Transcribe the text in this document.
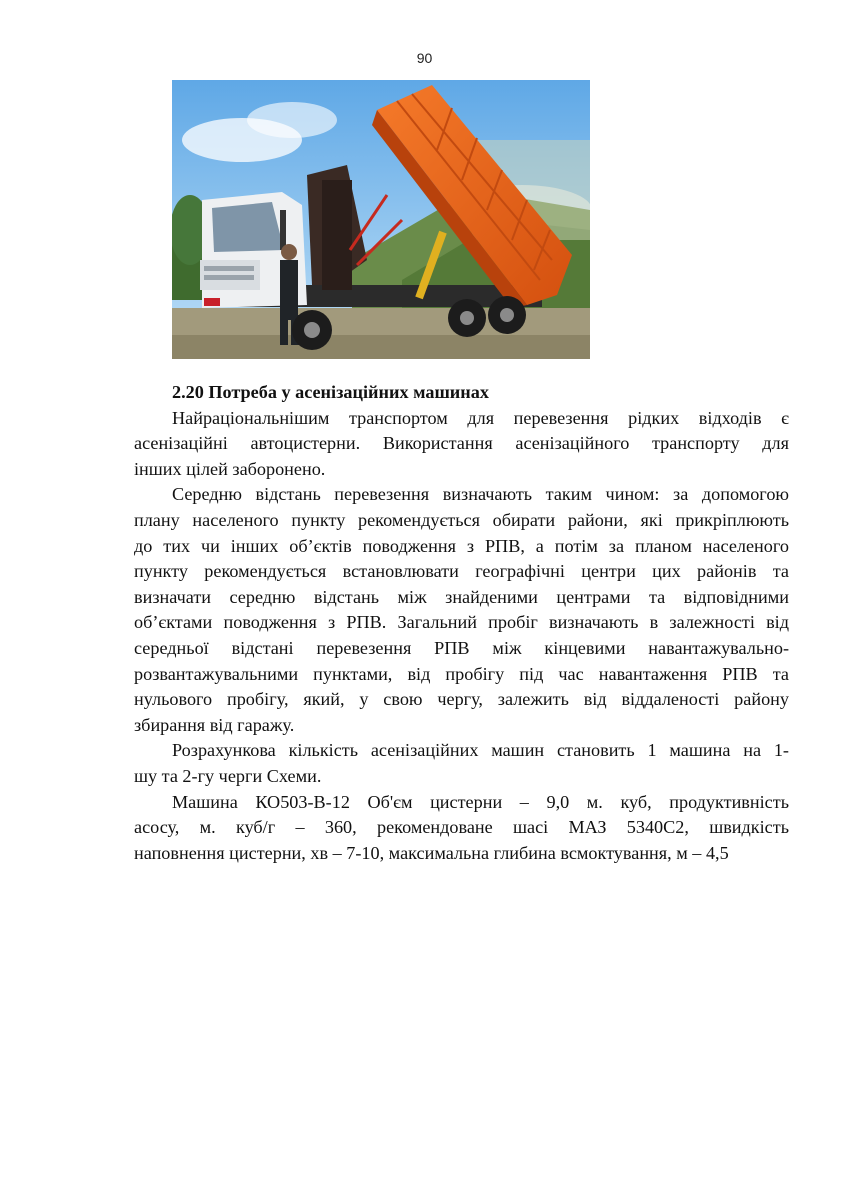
90
2.20 Потреба у асенізаційних машинах
Найраціональнішим транспортом для перевезення рідких відходів є
асенізаційні автоцистерни. Використання асенізаційного транспорту для
інших цілей заборонено.
Середню відстань перевезення визначають таким чином: за допомогою
плану населеного пункту рекомендується обирати райони, які прикріплюють
до тих чи інших об’єктів поводження з РПВ, а потім за планом населеного
пункту рекомендується встановлювати географічні центри цих районів та
визначати середню відстань між знайденими центрами та відповідними
об’єктами поводження з РПВ. Загальний пробіг визначають в залежності від
середньої відстані перевезення РПВ між кінцевими навантажувально-
розвантажувальними пунктами, від пробігу під час навантаження РПВ та
нульового пробігу, який, у свою чергу, залежить від віддаленості району
збирання від гаражу.
Розрахункова кількість асенізаційних машин становить 1 машина на 1-
шу та 2-гу черги Схеми.
Машина КО503-В-12 Об'єм цистерни – 9,0 м. куб, продуктивність
асосу, м. куб/г – 360, рекомендоване шасі МАЗ 5340С2, швидкість
наповнення цистерни, хв – 7-10, максимальна глибина всмоктування, м – 4,5
